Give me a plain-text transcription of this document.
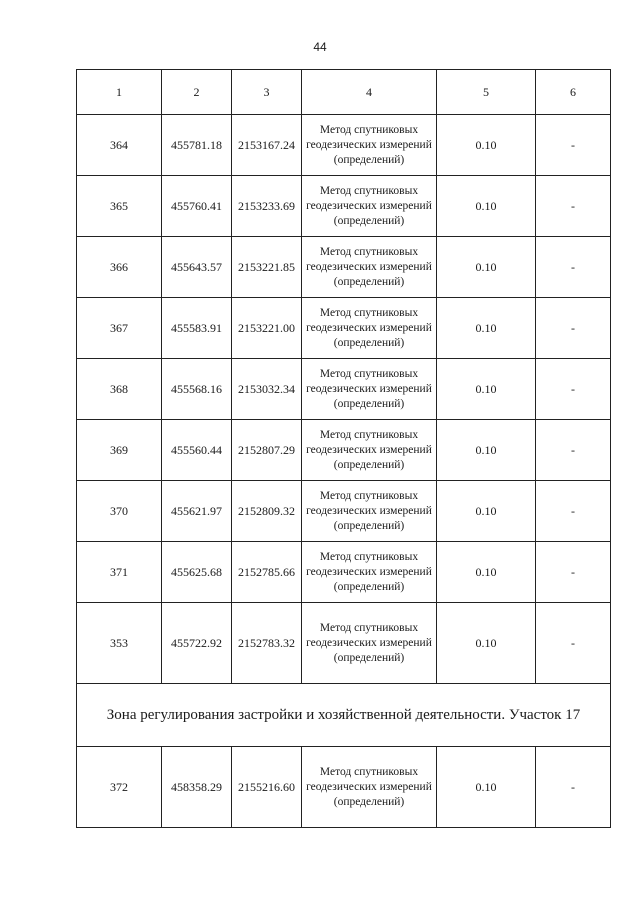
44
1	2	3	4	5	6
364	455781.18	2153167.24	Метод спутниковых геодезических измерений (определений)	0.10	-
365	455760.41	2153233.69	Метод спутниковых геодезических измерений (определений)	0.10	-
366	455643.57	2153221.85	Метод спутниковых геодезических измерений (определений)	0.10	-
367	455583.91	2153221.00	Метод спутниковых геодезических измерений (определений)	0.10	-
368	455568.16	2153032.34	Метод спутниковых геодезических измерений (определений)	0.10	-
369	455560.44	2152807.29	Метод спутниковых геодезических измерений (определений)	0.10	-
370	455621.97	2152809.32	Метод спутниковых геодезических измерений (определений)	0.10	-
371	455625.68	2152785.66	Метод спутниковых геодезических измерений (определений)	0.10	-
353	455722.92	2152783.32	Метод спутниковых геодезических измерений (определений)	0.10	-
Зона регулирования застройки и хозяйственной деятельности. Участок 17					
372	458358.29	2155216.60	Метод спутниковых геодезических измерений (определений)	0.10	-
